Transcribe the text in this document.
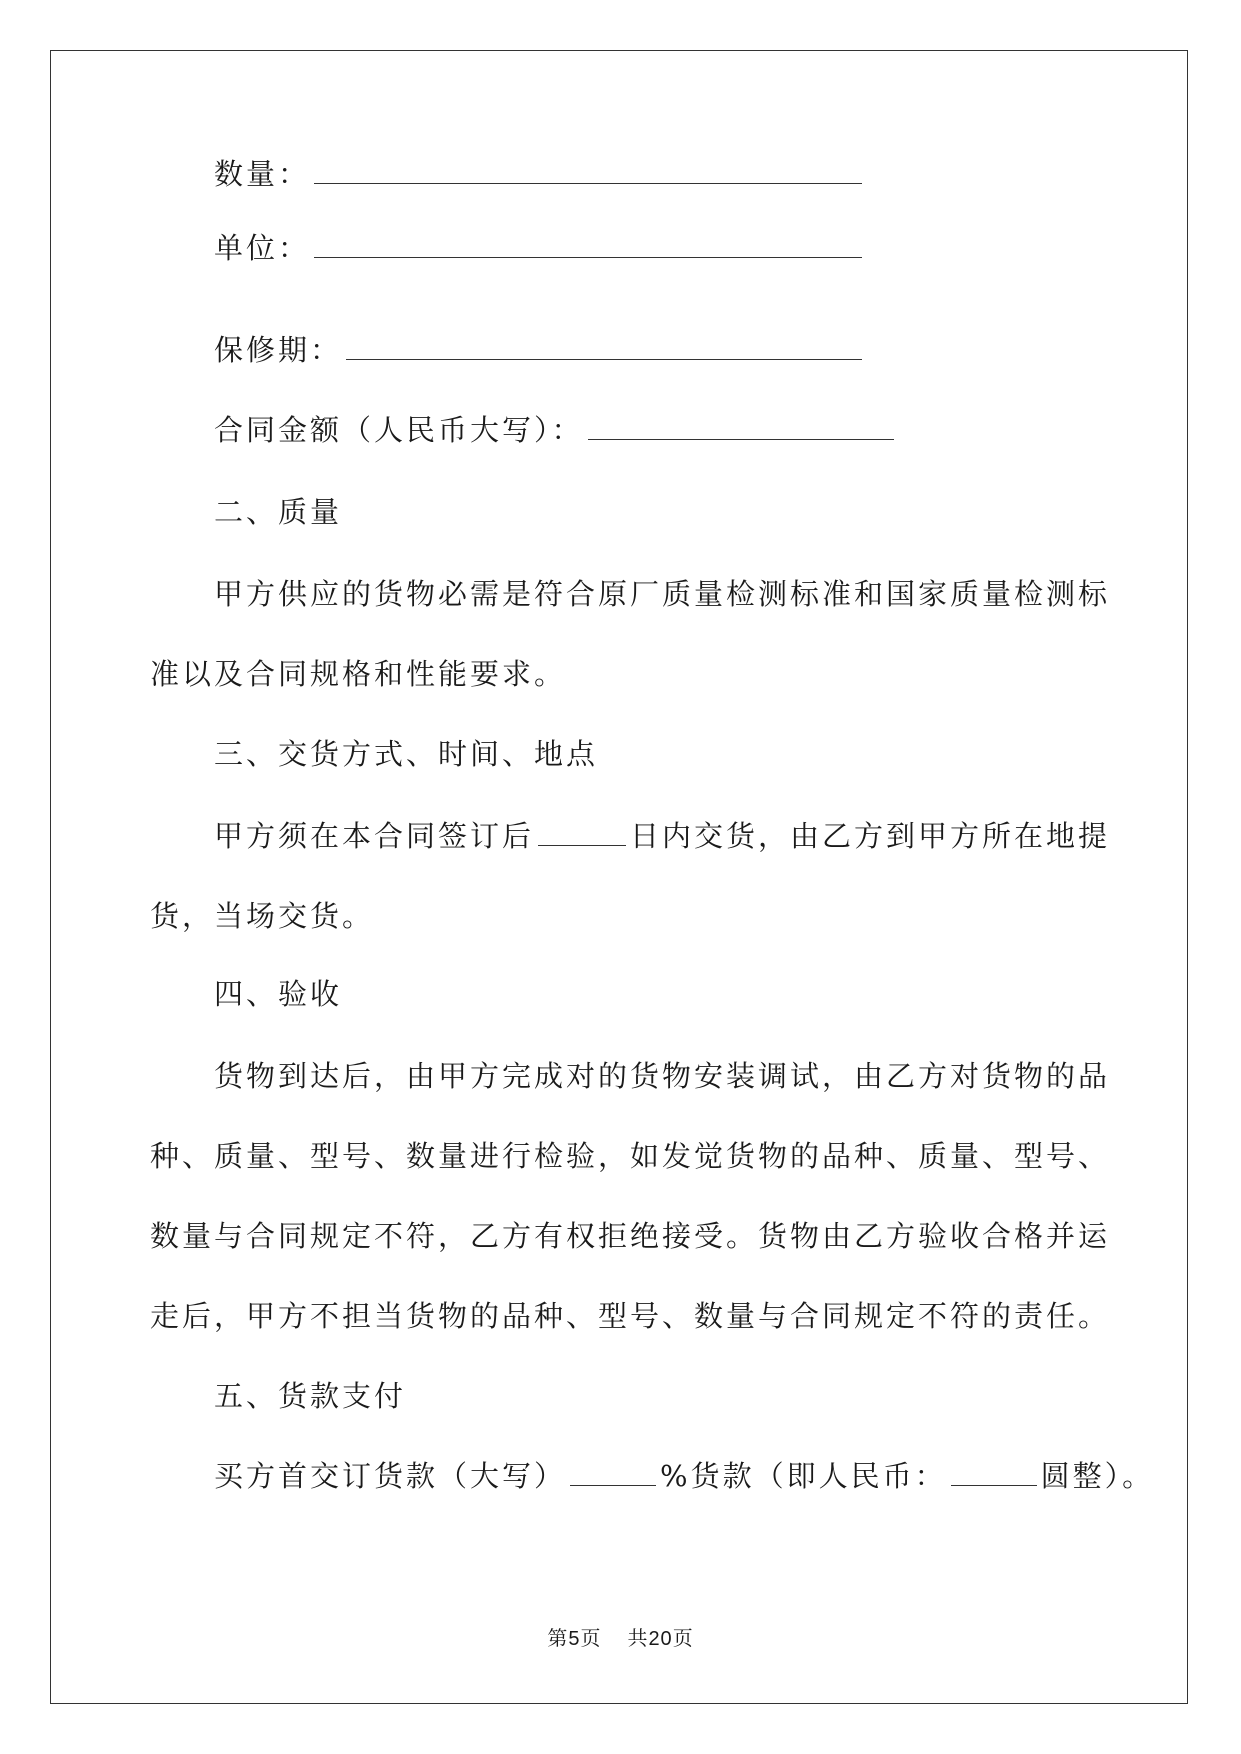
数量：
单位：
保修期：
合同金额（人民币大写）：
二、质量
甲方供应的货物必需是符合原厂质量检测标准和国家质量检测标
准以及合同规格和性能要求。
三、交货方式、时间、地点
甲方须在本合同签订后	日内交货，由乙方到甲方所在地提
货，当场交货。
四、验收
货物到达后，由甲方完成对的货物安装调试，由乙方对货物的品
种、质量、型号、数量进行检验，如发觉货物的品种、质量、型号、
数量与合同规定不符，乙方有权拒绝接受。货物由乙方验收合格并运
走后，甲方不担当货物的品种、型号、数量与合同规定不符的责任。
五、货款支付
买方首交订货款（大写）	%货款（即人民币：	圆整）。
第5页 共20页
